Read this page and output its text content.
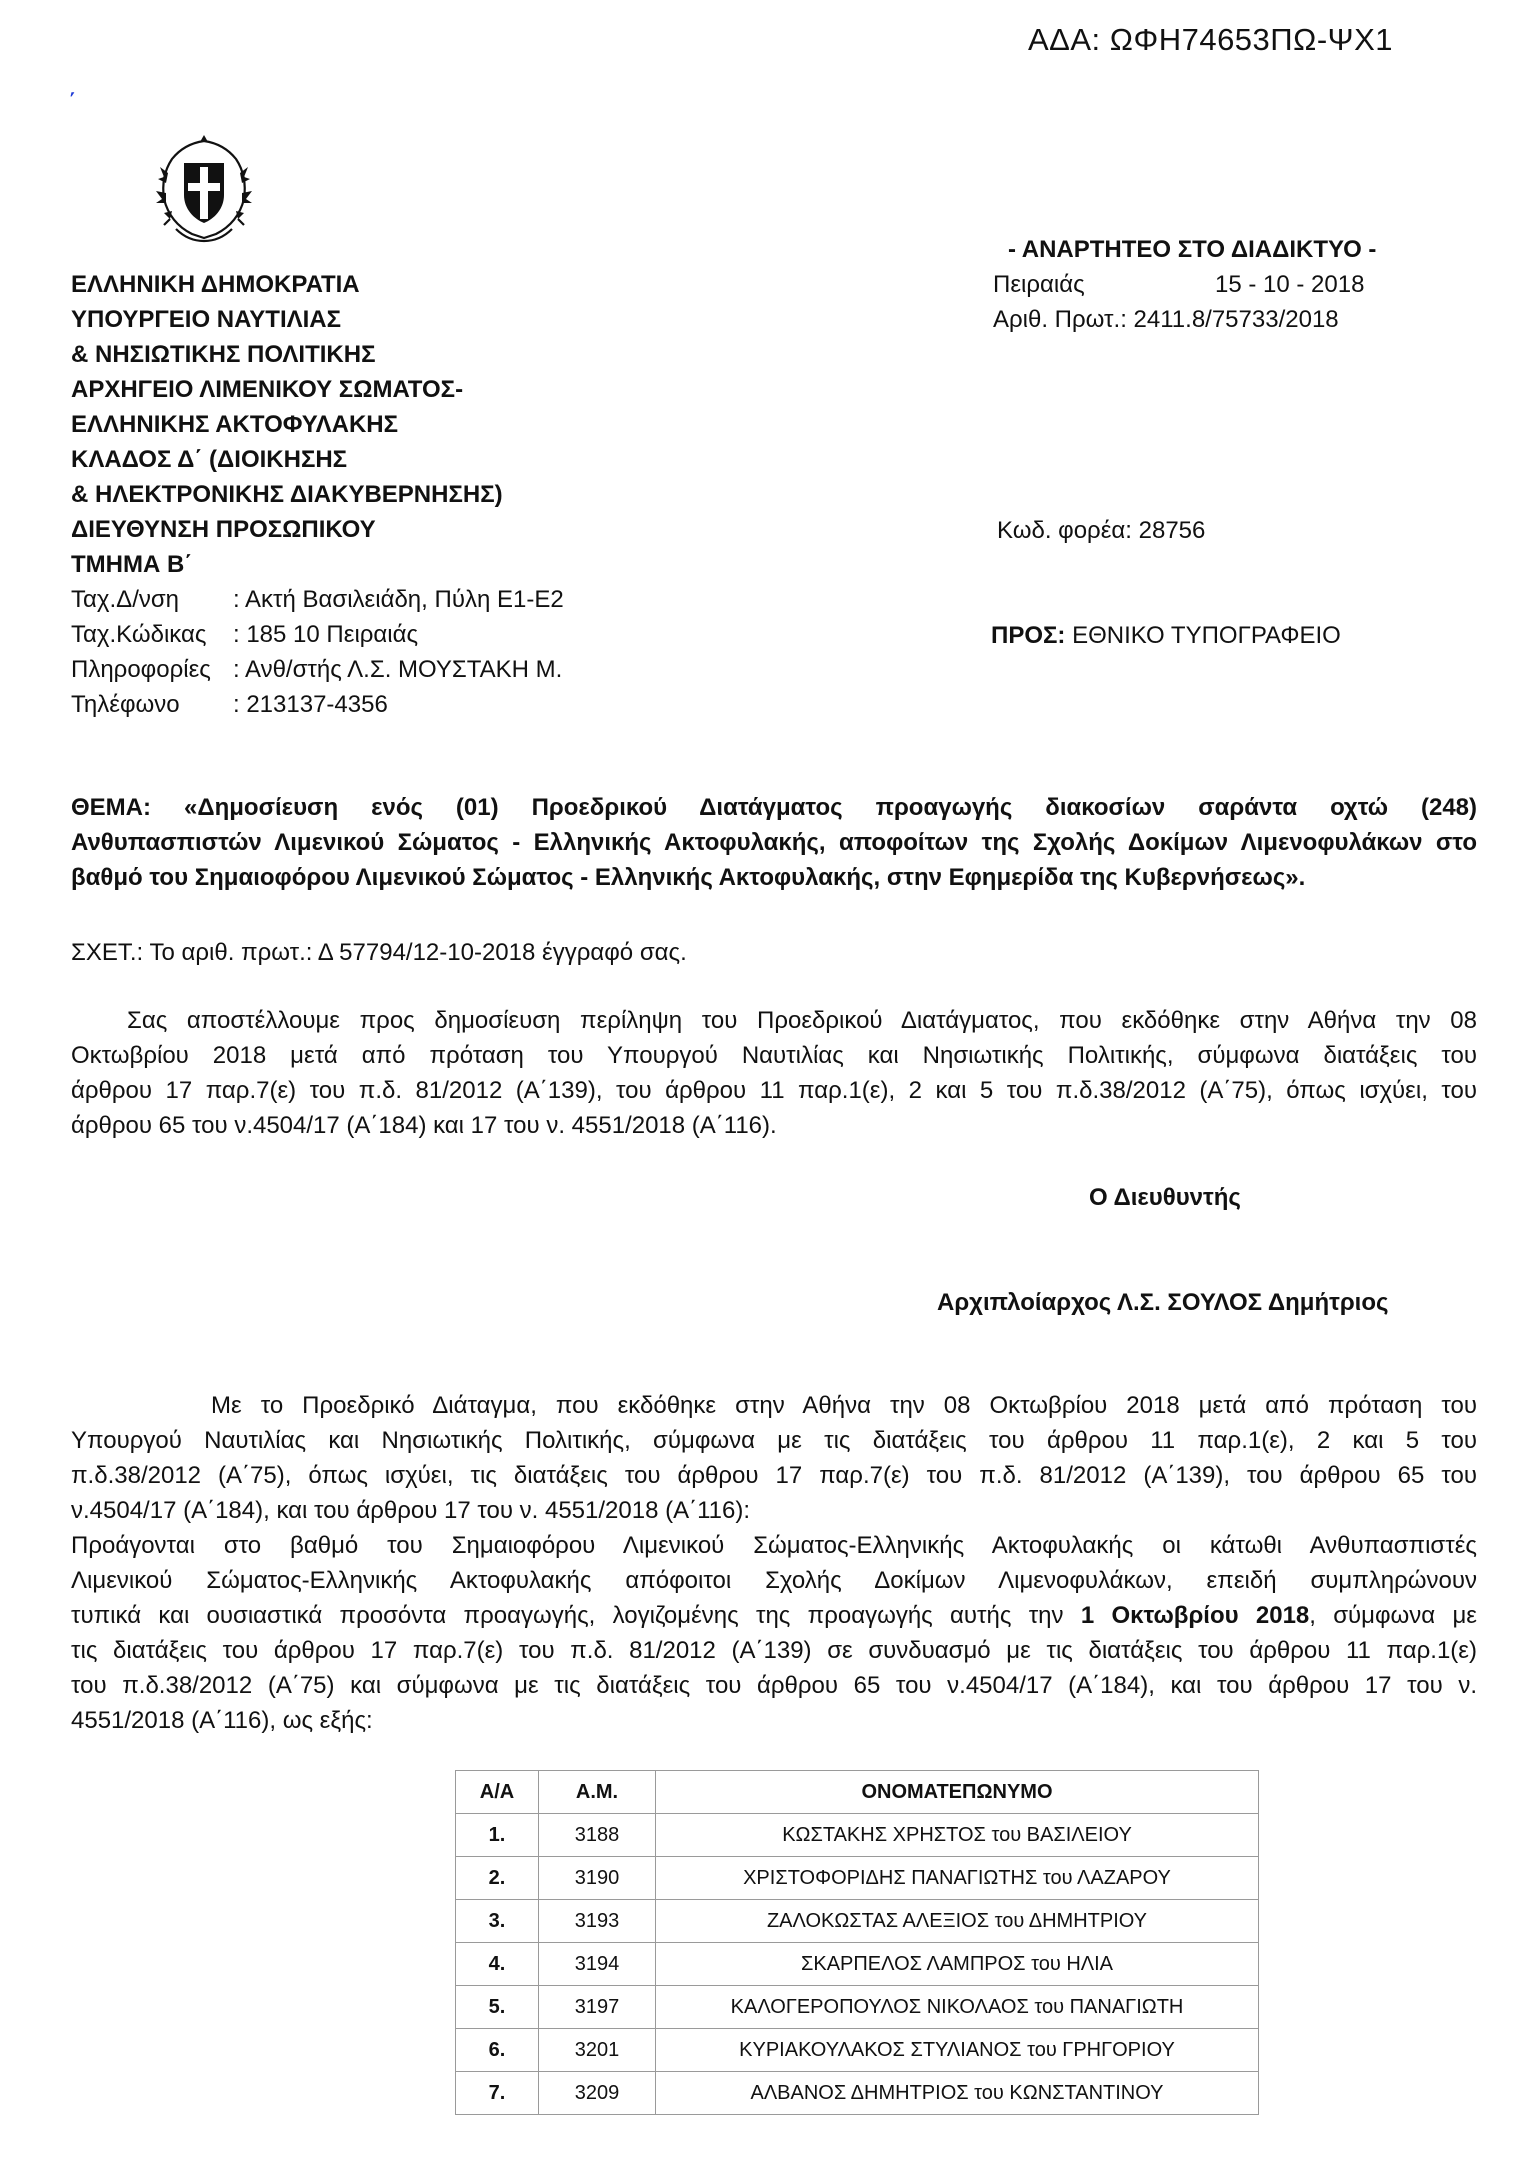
ΑΔΑ: ΩΦΗ74653ΠΩ-ΨΧ1
΄
ΕΛΛΗΝΙΚΗ ΔΗΜΟΚΡΑΤΙΑ
ΥΠΟΥΡΓΕΙΟ ΝΑΥΤΙΛΙΑΣ
& ΝΗΣΙΩΤΙΚΗΣ ΠΟΛΙΤΙΚΗΣ
ΑΡΧΗΓΕΙΟ ΛΙΜΕΝΙΚΟΥ ΣΩΜΑΤΟΣ-
ΕΛΛΗΝΙΚΗΣ ΑΚΤΟΦΥΛΑΚΗΣ
ΚΛΑΔΟΣ Δ΄ (ΔΙΟΙΚΗΣΗΣ
& ΗΛΕΚΤΡΟΝΙΚΗΣ ΔΙΑΚΥΒΕΡΝΗΣΗΣ)
ΔΙΕΥΘΥΝΣΗ ΠΡΟΣΩΠΙΚΟΥ
ΤΜΗΜΑ Β΄
Ταχ.Δ/νση : Ακτή Βασιλειάδη, Πύλη Ε1-Ε2
Ταχ.Κώδικας : 185 10 Πειραιάς
Πληροφορίες : Ανθ/στής Λ.Σ. ΜΟΥΣΤΑΚΗ Μ.
Τηλέφωνο : 213137-4356
- ΑΝΑΡΤΗΤΕΟ ΣΤΟ ΔΙΑΔΙΚΤΥΟ -
Πειραιάς	15 - 10 - 2018
Αριθ. Πρωτ.: 2411.8/75733/2018
Κωδ. φορέα: 28756
ΠΡΟΣ: ΕΘΝΙΚΟ ΤΥΠΟΓΡΑΦΕΙΟ
ΘΕΜΑ: «Δημοσίευση ενός (01) Προεδρικού Διατάγματος προαγωγής διακοσίων σαράντα οχτώ (248)
Ανθυπασπιστών Λιμενικού Σώματος - Ελληνικής Ακτοφυλακής, αποφοίτων της Σχολής Δοκίμων Λιμενοφυλάκων στο
βαθμό του Σημαιοφόρου Λιμενικού Σώματος - Ελληνικής Ακτοφυλακής, στην Εφημερίδα της Κυβερνήσεως».
ΣΧΕΤ.: Το αριθ. πρωτ.: Δ 57794/12-10-2018 έγγραφό σας.
Σας αποστέλλουμε προς δημοσίευση περίληψη του Προεδρικού Διατάγματος, που εκδόθηκε στην Αθήνα την 08
Οκτωβρίου 2018 μετά από πρόταση του Υπουργού Ναυτιλίας και Νησιωτικής Πολιτικής, σύμφωνα διατάξεις του
άρθρου 17 παρ.7(ε) του π.δ. 81/2012 (Α΄139), του άρθρου 11 παρ.1(ε), 2 και 5 του π.δ.38/2012 (Α΄75), όπως ισχύει, του
άρθρου 65 του ν.4504/17 (Α΄184) και 17 του ν. 4551/2018 (Α΄116).
Ο Διευθυντής
Αρχιπλοίαρχος Λ.Σ. ΣΟΥΛΟΣ Δημήτριος
Με το Προεδρικό Διάταγμα, που εκδόθηκε στην Αθήνα την 08 Οκτωβρίου 2018 μετά από πρόταση του
Υπουργού Ναυτιλίας και Νησιωτικής Πολιτικής, σύμφωνα με τις διατάξεις του άρθρου 11 παρ.1(ε), 2 και 5 του
π.δ.38/2012 (Α΄75), όπως ισχύει, τις διατάξεις του άρθρου 17 παρ.7(ε) του π.δ. 81/2012 (Α΄139), του άρθρου 65 του
ν.4504/17 (Α΄184), και του άρθρου 17 του ν. 4551/2018 (Α΄116):
Προάγονται στο βαθμό του Σημαιοφόρου Λιμενικού Σώματος-Ελληνικής Ακτοφυλακής οι κάτωθι Ανθυπασπιστές
Λιμενικού Σώματος-Ελληνικής Ακτοφυλακής απόφοιτοι Σχολής Δοκίμων Λιμενοφυλάκων, επειδή συμπληρώνουν
τυπικά και ουσιαστικά προσόντα προαγωγής, λογιζομένης της προαγωγής αυτής την 1 Οκτωβρίου 2018, σύμφωνα με
τις διατάξεις του άρθρου 17 παρ.7(ε) του π.δ. 81/2012 (Α΄139) σε συνδυασμό με τις διατάξεις του άρθρου 11 παρ.1(ε)
του π.δ.38/2012 (Α΄75) και σύμφωνα με τις διατάξεις του άρθρου 65 του ν.4504/17 (Α΄184), και του άρθρου 17 του ν.
4551/2018 (Α΄116), ως εξής:
Α/Α	Α.Μ.	ΟΝΟΜΑΤΕΠΩΝΥΜΟ
1.	3188	ΚΩΣΤΑΚΗΣ ΧΡΗΣΤΟΣ του ΒΑΣΙΛΕΙΟΥ
2.	3190	ΧΡΙΣΤΟΦΟΡΙΔΗΣ ΠΑΝΑΓΙΩΤΗΣ του ΛΑΖΑΡΟΥ
3.	3193	ΖΑΛΟΚΩΣΤΑΣ ΑΛΕΞΙΟΣ του ΔΗΜΗΤΡΙΟΥ
4.	3194	ΣΚΑΡΠΕΛΟΣ ΛΑΜΠΡΟΣ του ΗΛΙΑ
5.	3197	ΚΑΛΟΓΕΡΟΠΟΥΛΟΣ ΝΙΚΟΛΑΟΣ του ΠΑΝΑΓΙΩΤΗ
6.	3201	ΚΥΡΙΑΚΟΥΛΑΚΟΣ ΣΤΥΛΙΑΝΟΣ του ΓΡΗΓΟΡΙΟΥ
7.	3209	ΑΛΒΑΝΟΣ ΔΗΜΗΤΡΙΟΣ του ΚΩΝΣΤΑΝΤΙΝΟΥ
